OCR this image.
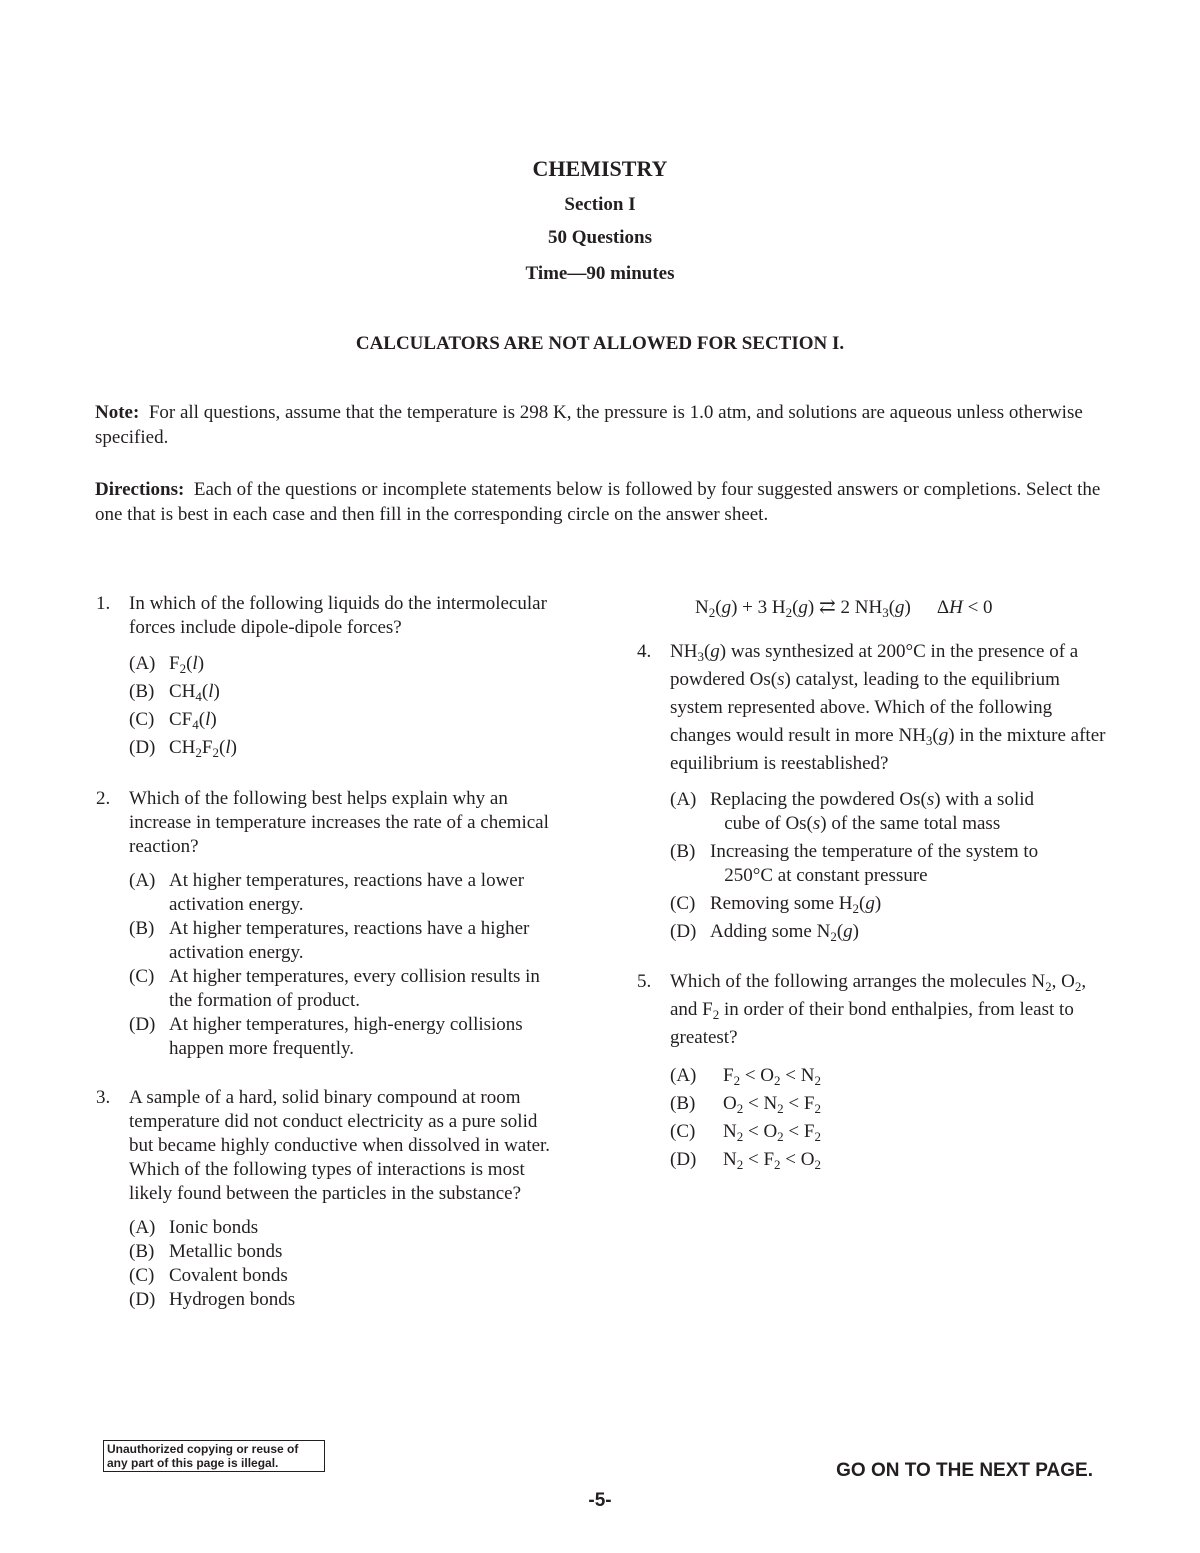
CHEMISTRY
Section I
50 Questions
Time—90 minutes
CALCULATORS ARE NOT ALLOWED FOR SECTION I.
Note: For all questions, assume that the temperature is 298 K, the pressure is 1.0 atm, and solutions are aqueous unless otherwise specified.
Directions: Each of the questions or incomplete statements below is followed by four suggested answers or completions. Select the one that is best in each case and then fill in the corresponding circle on the answer sheet.
1. In which of the following liquids do the intermolecular forces include dipole-dipole forces?
(A) $F_2(l)$
(B) $CH_4(l)$
(C) $CF_4(l)$
(D) $CH_2F_2(l)$
2. Which of the following best helps explain why an increase in temperature increases the rate of a chemical reaction?
(A) At higher temperatures, reactions have a lower activation energy.
(B) At higher temperatures, reactions have a higher activation energy.
(C) At higher temperatures, every collision results in the formation of product.
(D) At higher temperatures, high-energy collisions happen more frequently.
3. A sample of a hard, solid binary compound at room temperature did not conduct electricity as a pure solid but became highly conductive when dissolved in water. Which of the following types of interactions is most likely found between the particles in the substance?
(A) Ionic bonds
(B) Metallic bonds
(C) Covalent bonds
(D) Hydrogen bonds
$N_2(g) + 3$ $H_2(g)$ ⇄ 2 $NH_3(g) \Delta H < 0$
4. $NH_3(g)$ was synthesized at 200°C in the presence of a powdered Os(s) catalyst, leading to the equilibrium system represented above. Which of the following changes would result in more $NH_3(g)$ in the mixture after equilibrium is reestablished?
(A) Replacing the powdered Os(s) with a solid
cube of Os(s) of the same total mass
(B) Increasing the temperature of the system to
250°C at constant pressure
(C) Removing some $H_2(g)$
(D) Adding some $N_2(g)$
5. Which of the following arranges the molecules $N_2$, $O_2$, and $F_2$ in order of their bond enthalpies, from least to greatest?
(A) $F_2 < O_2 < N_2$
(B) $O_2 < N_2 < F_2$
(C) $N_2 < O_2 < F_2$
(D) $N_2 < F_2 < O_2$
Unauthorized copying or reuse of any part of this page is illegal.	GO ON TO THE NEXT PAGE.
-5-
